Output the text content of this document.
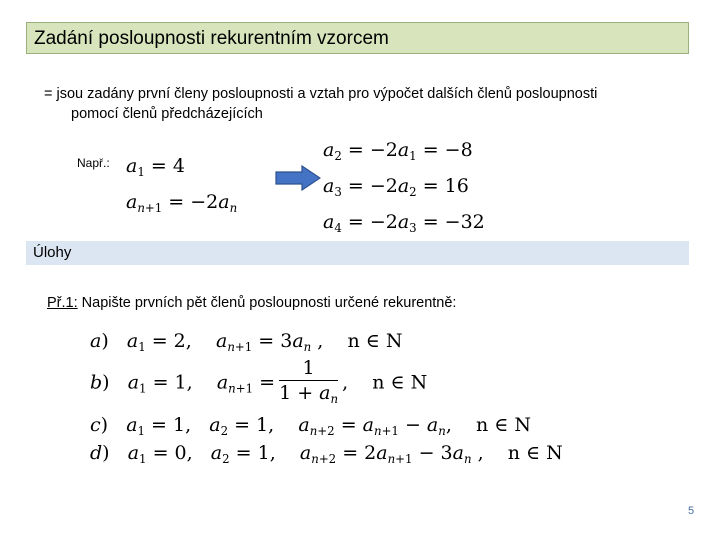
Zadání posloupnosti rekurentním vzorcem
= jsou zadány první členy posloupnosti a vztah pro výpočet dalších členů posloupnosti
pomocí členů předcházejících
Např.: $a_1 = 4$
$a_{n+1} = -2a_n$
$a_2 = -2a_1 = -8$
$a_3 = -2a_2 = 16$
$a_4 = -2a_3 = -32$
Úlohy
Př.1: Napište prvních pět členů posloupnosti určené rekurentně:
a)   $a_1 = 2$,    $a_{n+1} = 3a_n$ ,    n ∈ N
b)   $a_1 = 1$,    $a_{n+1} = \frac{1}{1 + a_n}$ ,    n ∈ N
c)   $a_1 = 1$,   $a_2 = 1$,    $a_{n+2} = a_{n+1} - a_n$,    n ∈ N
d)   $a_1 = 0$,   $a_2 = 1$,    $a_{n+2} = 2a_{n+1} - 3a_n$ ,    n ∈ N
5
